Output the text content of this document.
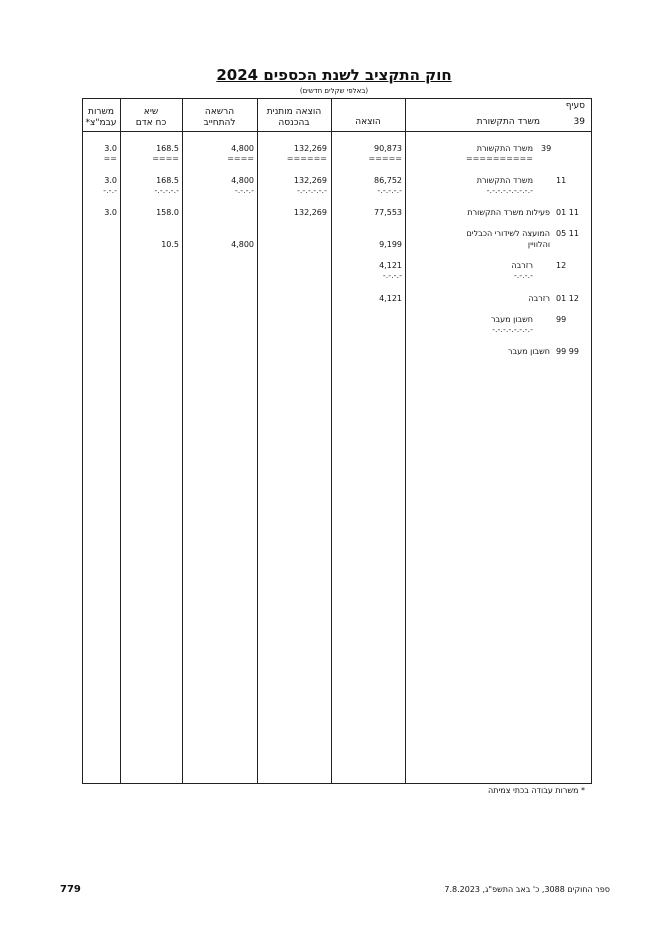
חוק התקציב לשנת הכספים 2024
(באלפי שקלים חדשים)
סעיף
משרד התקשורת	39
הוצאה
הוצאה מותנית
בהכנסה
הרשאה
להתחייב
שיא
כח אדם
משרות
עבמ"צ*
39
משרד התקשורת
==========
90,873
=====
132,269
======
4,800
====
168.5
====
3.0
==
11
משרד התקשורת
-.-.-.-.-.-.-.-.-
86,752
-.-.-.-.-
132,269
-.-.-.-.-.-
4,800
-.-.-.-
168.5
-.-.-.-.-
3.0
-.-.-
01 11
פעילות משרד התקשורת
77,553
132,269
158.0
3.0
05 11
המועצה לשידורי הכבלים
והלוויין
9,199
4,800
10.5
12
רזרבה
-.-.-.-
4,121
-.-.-.-
01 12
רזרבה
4,121
99
חשבון מעבר
-.-.-.-.-.-.-.-
99 99
חשבון מעבר
* משרות עבודה בכתי צמיתה
779	ספר החוקים 3088, כ' באב התשפ"ג, 7.8.2023
